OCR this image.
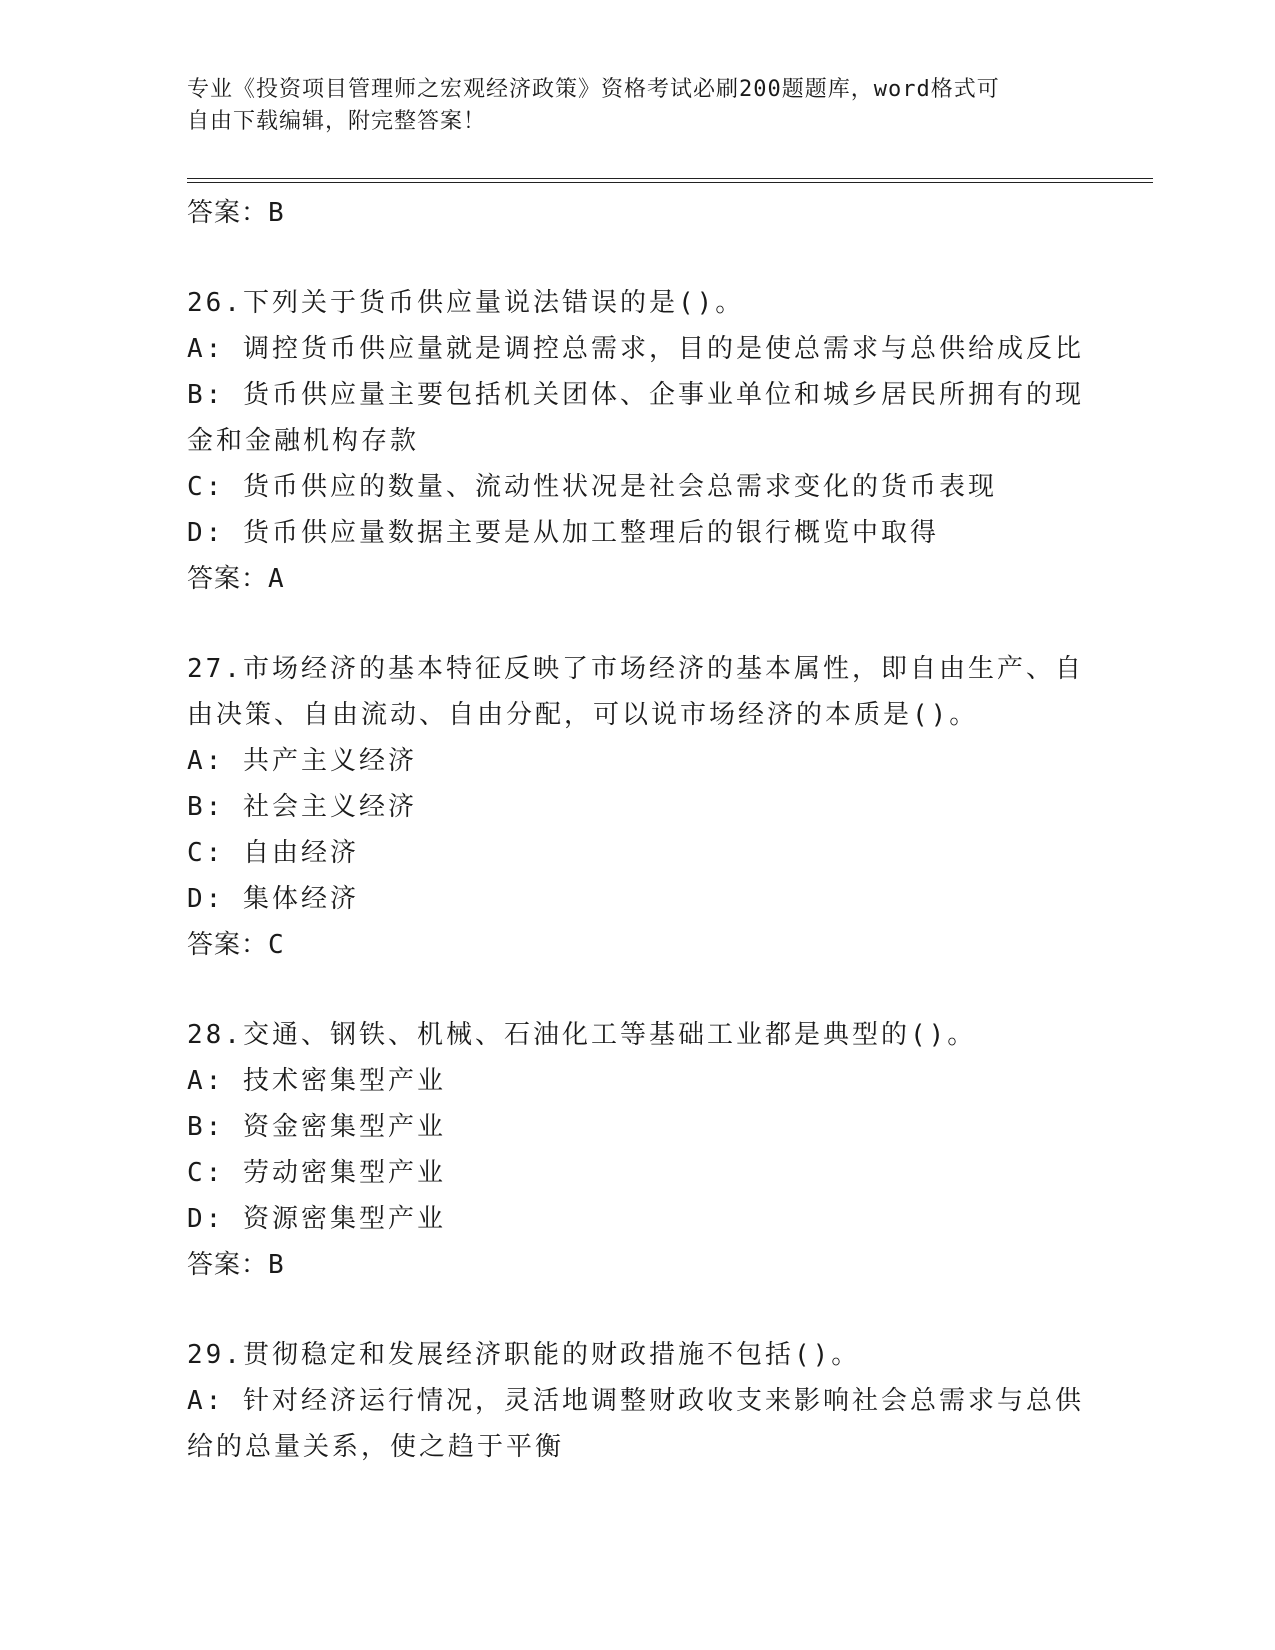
专业《投资项目管理师之宏观经济政策》资格考试必刷200题题库，word格式可
自由下载编辑，附完整答案！
答案：B
26.下列关于货币供应量说法错误的是()。
A: 调控货币供应量就是调控总需求，目的是使总需求与总供给成反比
B: 货币供应量主要包括机关团体、企事业单位和城乡居民所拥有的现
金和金融机构存款
C: 货币供应的数量、流动性状况是社会总需求变化的货币表现
D: 货币供应量数据主要是从加工整理后的银行概览中取得
答案：A
27.市场经济的基本特征反映了市场经济的基本属性，即自由生产、自
由决策、自由流动、自由分配，可以说市场经济的本质是()。
A: 共产主义经济
B: 社会主义经济
C: 自由经济
D: 集体经济
答案：C
28.交通、钢铁、机械、石油化工等基础工业都是典型的()。
A: 技术密集型产业
B: 资金密集型产业
C: 劳动密集型产业
D: 资源密集型产业
答案：B
29.贯彻稳定和发展经济职能的财政措施不包括()。
A: 针对经济运行情况，灵活地调整财政收支来影响社会总需求与总供
给的总量关系，使之趋于平衡
